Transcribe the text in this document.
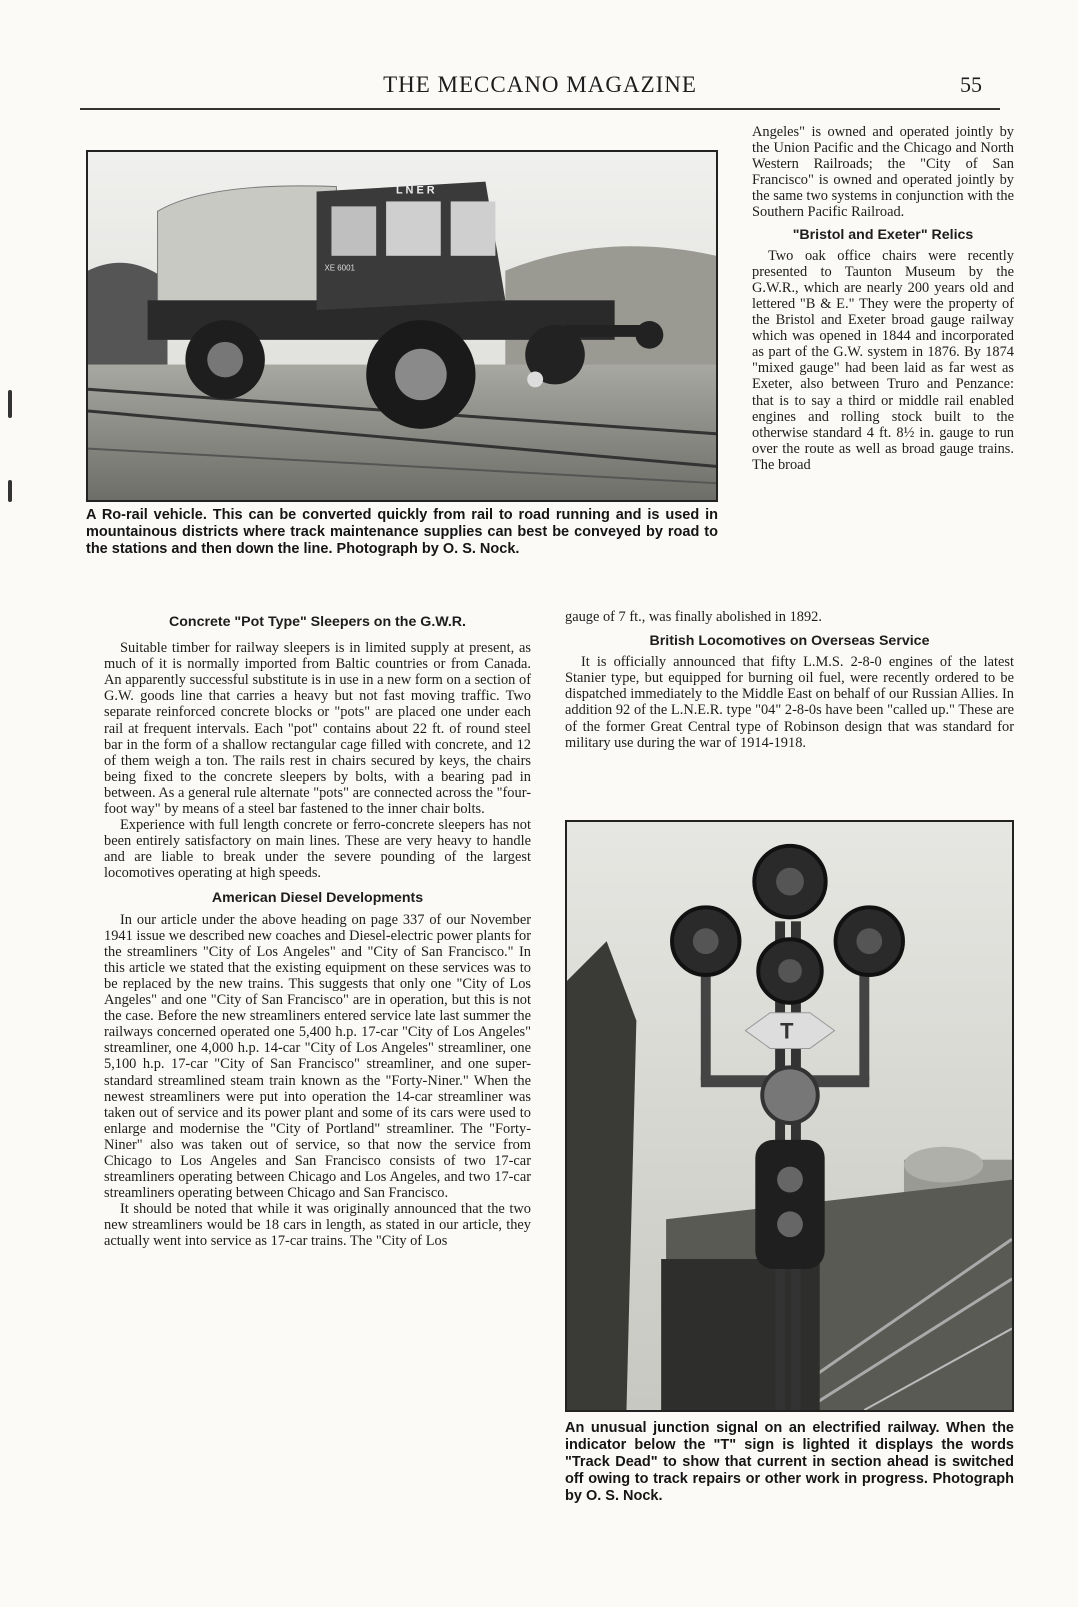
THE MECCANO MAGAZINE	55
L N E R
XE 6001
A Ro-rail vehicle. This can be converted quickly from rail to road running and is used in mountainous districts where track maintenance supplies can best be conveyed by road to the stations and then down the line. Photograph by O. S. Nock.

Angeles" is owned and operated jointly by the Union Pacific and the Chicago and North Western Railroads; the "City of San Francisco" is owned and operated jointly by the same two systems in conjunction with the Southern Pacific Railroad.

"Bristol and Exeter" Relics

Two oak office chairs were recently presented to Taunton Museum by the G.W.R., which are nearly 200 years old and lettered "B & E." They were the property of the Bristol and Exeter broad gauge railway which was opened in 1844 and incorporated as part of the G.W. system in 1876. By 1874 "mixed gauge" had been laid as far west as Exeter, also between Truro and Penzance: that is to say a third or middle rail enabled engines and rolling stock built to the otherwise standard 4 ft. 8½ in. gauge to run over the route as well as broad gauge trains. The broad

gauge of 7 ft., was finally abolished in 1892.

British Locomotives on Overseas Service

It is officially announced that fifty L.M.S. 2-8-0 engines of the latest Stanier type, but equipped for burning oil fuel, were recently ordered to be dispatched immediately to the Middle East on behalf of our Russian Allies. In addition 92 of the L.N.E.R. type "04" 2-8-0s have been "called up." These are of the former Great Central type of Robinson design that was standard for military use during the war of 1914-1918.

Concrete "Pot Type" Sleepers on the G.W.R.

Suitable timber for railway sleepers is in limited supply at present, as much of it is normally imported from Baltic countries or from Canada. An apparently successful substitute is in use in a new form on a section of G.W. goods line that carries a heavy but not fast moving traffic. Two separate reinforced concrete blocks or "pots" are placed one under each rail at frequent intervals. Each "pot" contains about 22 ft. of round steel bar in the form of a shallow rectangular cage filled with concrete, and 12 of them weigh a ton. The rails rest in chairs secured by keys, the chairs being fixed to the concrete sleepers by bolts, with a bearing pad in between. As a general rule alternate "pots" are connected across the "four-foot way" by means of a steel bar fastened to the inner chair bolts.

Experience with full length concrete or ferro-concrete sleepers has not been entirely satisfactory on main lines. These are very heavy to handle and are liable to break under the severe pounding of the largest locomotives operating at high speeds.

American Diesel Developments

In our article under the above heading on page 337 of our November 1941 issue we described new coaches and Diesel-electric power plants for the streamliners "City of Los Angeles" and "City of San Francisco." In this article we stated that the existing equipment on these services was to be replaced by the new trains. This suggests that only one "City of Los Angeles" and one "City of San Francisco" are in operation, but this is not the case. Before the new streamliners entered service late last summer the railways concerned operated one 5,400 h.p. 17-car "City of Los Angeles" streamliner, one 4,000 h.p. 14-car "City of Los Angeles" streamliner, one 5,100 h.p. 17-car "City of San Francisco" streamliner, and one super-standard streamlined steam train known as the "Forty-Niner." When the newest streamliners were put into operation the 14-car streamliner was taken out of service and its power plant and some of its cars were used to enlarge and modernise the "City of Portland" streamliner. The "Forty-Niner" also was taken out of service, so that now the service from Chicago to Los Angeles and San Francisco consists of two 17-car streamliners operating between Chicago and Los Angeles, and two 17-car streamliners operating between Chicago and San Francisco.

It should be noted that while it was originally announced that the two new streamliners would be 18 cars in length, as stated in our article, they actually went into service as 17-car trains. The "City of Los

T
An unusual junction signal on an electrified railway. When the indicator below the "T" sign is lighted it displays the words "Track Dead" to show that current in section ahead is switched off owing to track repairs or other work in progress. Photograph by O. S. Nock.
